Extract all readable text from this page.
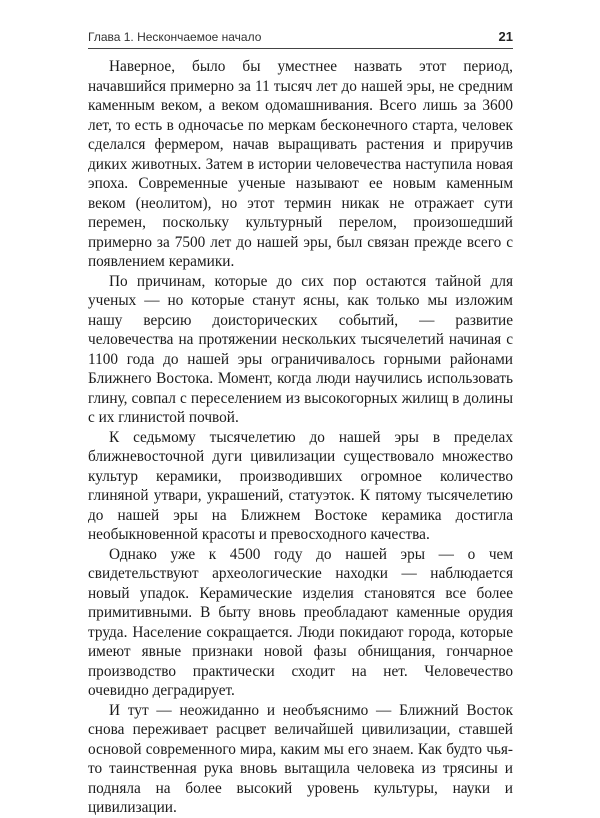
Глава 1. Нескончаемое начало	21

Наверное, было бы уместнее назвать этот период, начавшийся примерно за 11 тысяч лет до нашей эры, не средним каменным веком, а веком одомашнивания. Всего лишь за 3600 лет, то есть в одночасье по меркам бесконечного старта, человек сделался фермером, начав выращивать растения и приручив диких животных. Затем в истории человечества наступила новая эпоха. Современные ученые называют ее новым каменным веком (неолитом), но этот термин никак не отражает сути перемен, поскольку культурный перелом, произошедший примерно за 7500 лет до нашей эры, был связан прежде всего с появлением керамики.

По причинам, которые до сих пор остаются тайной для ученых — но которые станут ясны, как только мы изложим нашу версию доисторических событий, — развитие человечества на протяжении нескольких тысячелетий начиная с 1100 года до нашей эры ограничивалось горными районами Ближнего Востока. Момент, когда люди научились использовать глину, совпал с переселением из высокогорных жилищ в долины с их глинистой почвой.

К седьмому тысячелетию до нашей эры в пределах ближневосточной дуги цивилизации существовало множество культур керамики, производивших огромное количество глиняной утвари, украшений, статуэток. К пятому тысячелетию до нашей эры на Ближнем Востоке керамика достигла необыкновенной красоты и превосходного качества.

Однако уже к 4500 году до нашей эры — о чем свидетельствуют археологические находки — наблюдается новый упадок. Керамические изделия становятся все более примитивными. В быту вновь преобладают каменные орудия труда. Население сокращается. Люди покидают города, которые имеют явные признаки новой фазы обнищания, гончарное производство практически сходит на нет. Человечество очевидно деградирует.

И тут — неожиданно и необъяснимо — Ближний Восток снова переживает расцвет величайшей цивилизации, ставшей основой современного мира, каким мы его знаем. Как будто чья-то таинственная рука вновь вытащила человека из трясины и подняла на более высокий уровень культуры, науки и цивилизации.
